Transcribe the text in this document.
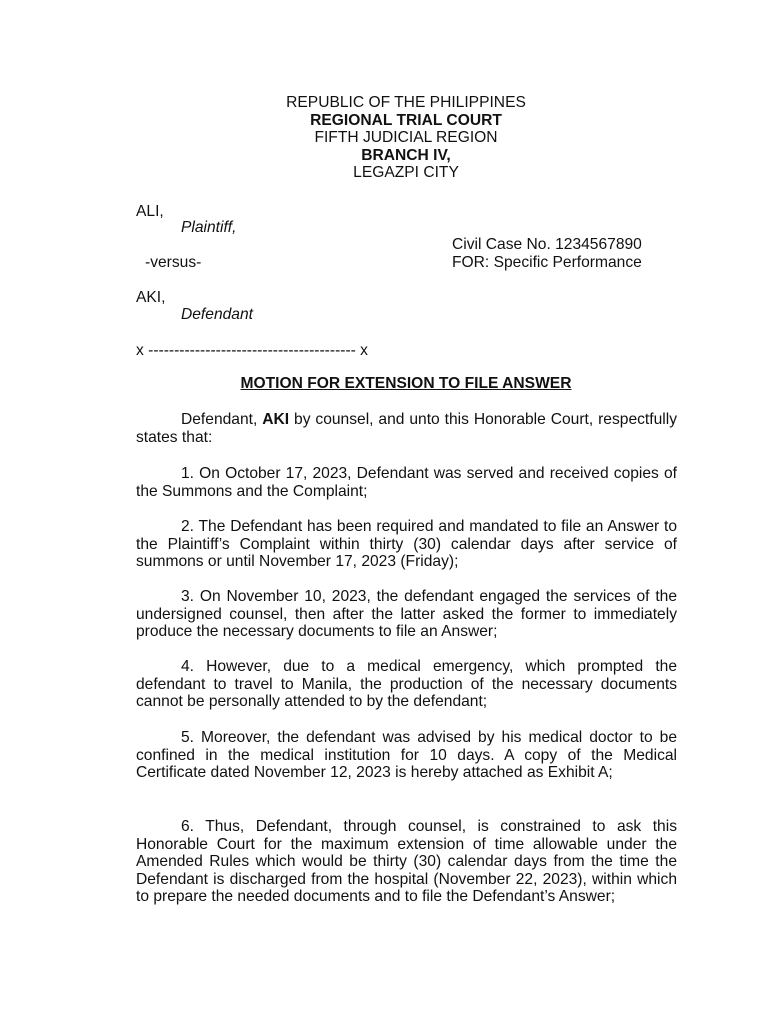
REPUBLIC OF THE PHILIPPINES
REGIONAL TRIAL COURT
FIFTH JUDICIAL REGION
BRANCH IV,
LEGAZPI CITY
ALI,
Plaintiff,
Civil Case No. 1234567890
-versus-	FOR: Specific Performance
AKI,
Defendant
x ---------------------------------------- x
MOTION FOR EXTENSION TO FILE ANSWER
Defendant, AKI by counsel, and unto this Honorable Court, respectfully states that:
1. On October 17, 2023, Defendant was served and received copies of the Summons and the Complaint;
2. The Defendant has been required and mandated to file an Answer to the Plaintiff’s Complaint within thirty (30) calendar days after service of summons or until November 17, 2023 (Friday);
3. On November 10, 2023, the defendant engaged the services of the undersigned counsel, then after the latter asked the former to immediately produce the necessary documents to file an Answer;
4. However, due to a medical emergency, which prompted the defendant to travel to Manila, the production of the necessary documents cannot be personally attended to by the defendant;
5. Moreover, the defendant was advised by his medical doctor to be confined in the medical institution for 10 days. A copy of the Medical Certificate dated November 12, 2023 is hereby attached as Exhibit A;
6. Thus, Defendant, through counsel, is constrained to ask this Honorable Court for the maximum extension of time allowable under the Amended Rules which would be thirty (30) calendar days from the time the Defendant is discharged from the hospital (November 22, 2023), within which to prepare the needed documents and to file the Defendant’s Answer;
